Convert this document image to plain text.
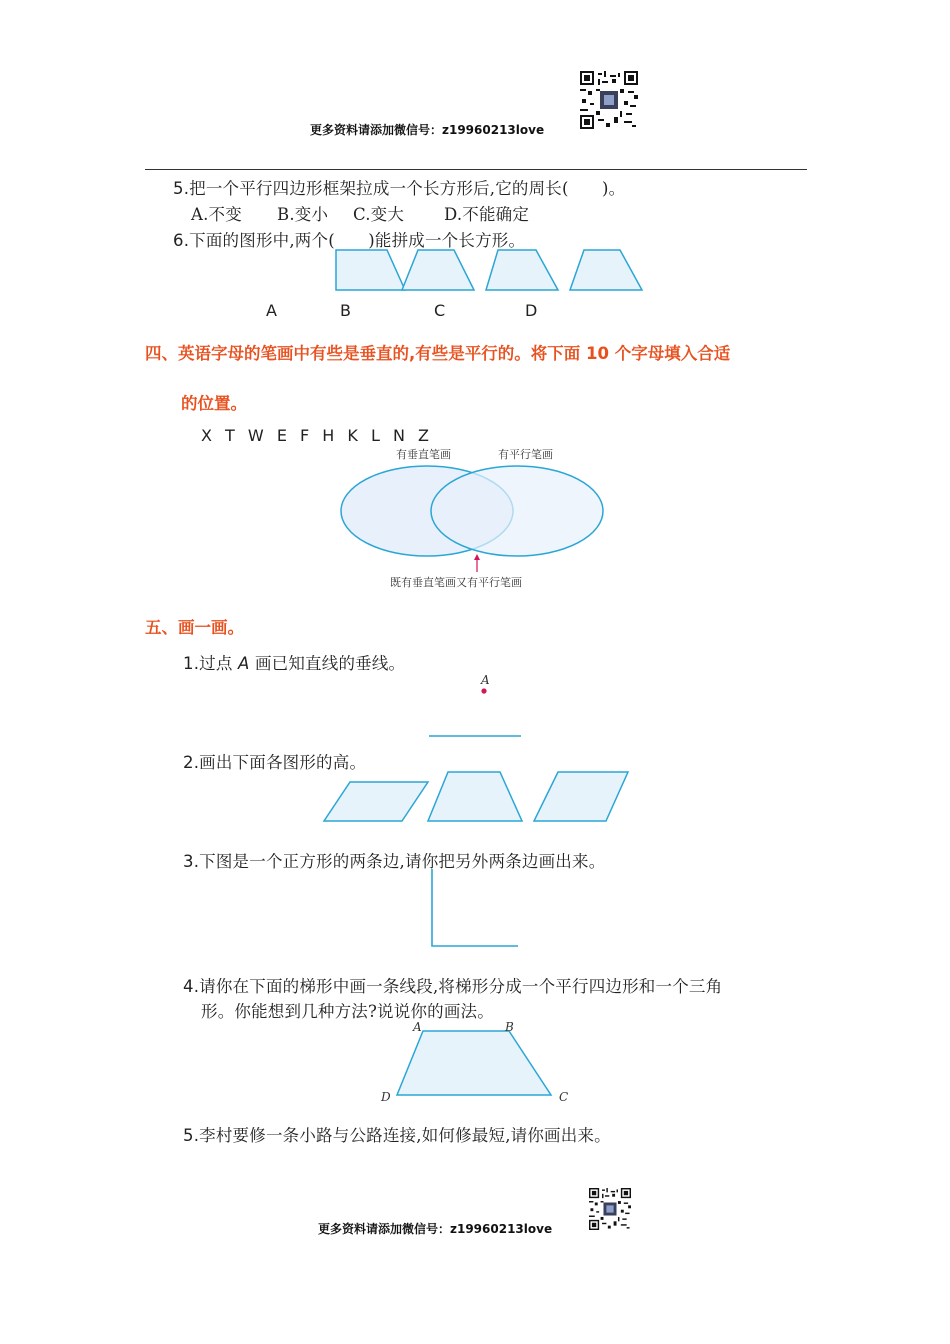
更多资料请添加微信号：z19960213love
5.把一个平行四边形框架拉成一个长方形后,它的周长(　　)。
A.不变 B.变小 C.变大 D.不能确定
6.下面的图形中,两个(　　)能拼成一个长方形。
A	B	C	D
四、英语字母的笔画中有些是垂直的,有些是平行的。将下面 10 个字母填入合适
的位置。
X T W E F H K L N Z
有垂直笔画	有平行笔画
既有垂直笔画又有平行笔画
五、画一画。
1.过点 A 画已知直线的垂线。
A
2.画出下面各图形的高。
3.下图是一个正方形的两条边,请你把另外两条边画出来。
4.请你在下面的梯形中画一条线段,将梯形分成一个平行四边形和一个三角
形。你能想到几种方法?说说你的画法。
A	B
C
D
5.李村要修一条小路与公路连接,如何修最短,请你画出来。
更多资料请添加微信号：z19960213love
